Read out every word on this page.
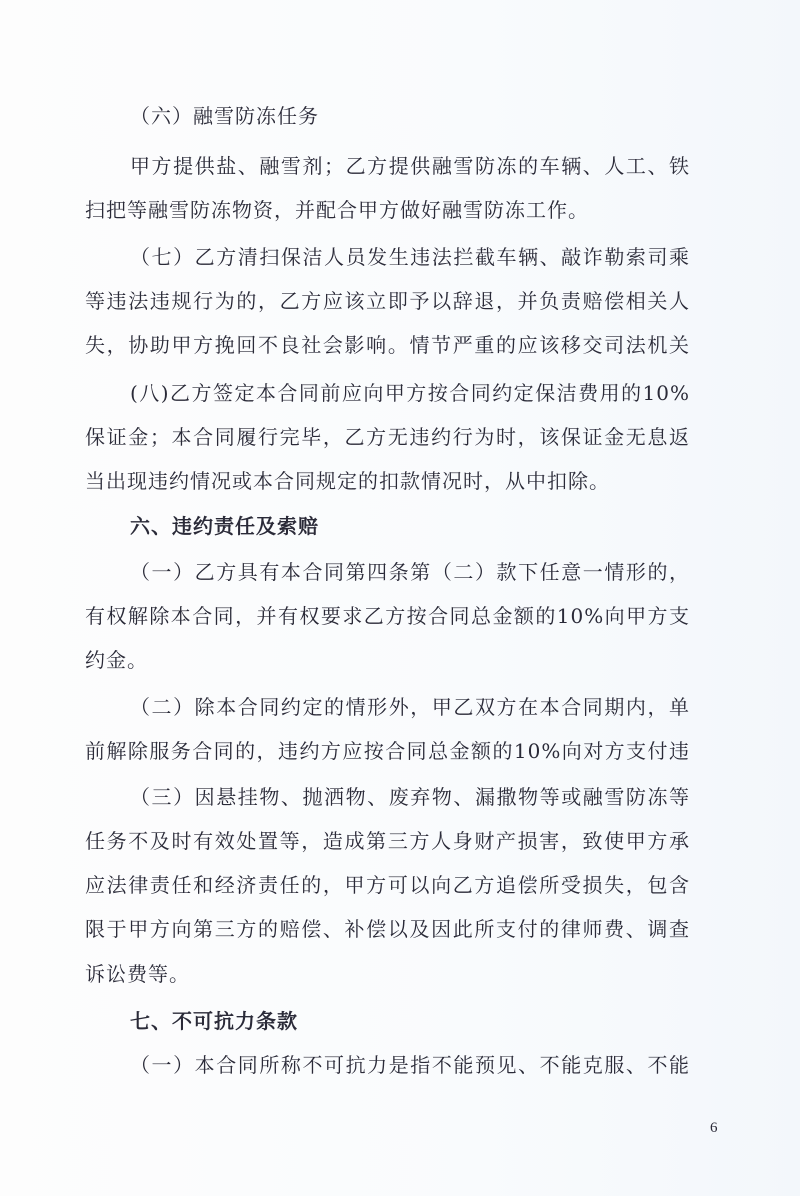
（六）融雪防冻任务
甲方提供盐、融雪剂；乙方提供融雪防冻的车辆、人工、铁
扫把等融雪防冻物资，并配合甲方做好融雪防冻工作。
（七）乙方清扫保洁人员发生违法拦截车辆、敲诈勒索司乘
等违法违规行为的，乙方应该立即予以辞退，并负责赔偿相关人
失，协助甲方挽回不良社会影响。情节严重的应该移交司法机关
(八)乙方签定本合同前应向甲方按合同约定保洁费用的10%
保证金；本合同履行完毕，乙方无违约行为时，该保证金无息返
当出现违约情况或本合同规定的扣款情况时，从中扣除。
六、违约责任及索赔
（一）乙方具有本合同第四条第（二）款下任意一情形的，
有权解除本合同，并有权要求乙方按合同总金额的10%向甲方支
约金。
（二）除本合同约定的情形外，甲乙双方在本合同期内，单
前解除服务合同的，违约方应按合同总金额的10%向对方支付违
（三）因悬挂物、抛洒物、废弃物、漏撒物等或融雪防冻等
任务不及时有效处置等，造成第三方人身财产损害，致使甲方承
应法律责任和经济责任的，甲方可以向乙方追偿所受损失，包含
限于甲方向第三方的赔偿、补偿以及因此所支付的律师费、调查
诉讼费等。
七、不可抗力条款
（一）本合同所称不可抗力是指不能预见、不能克服、不能
6
